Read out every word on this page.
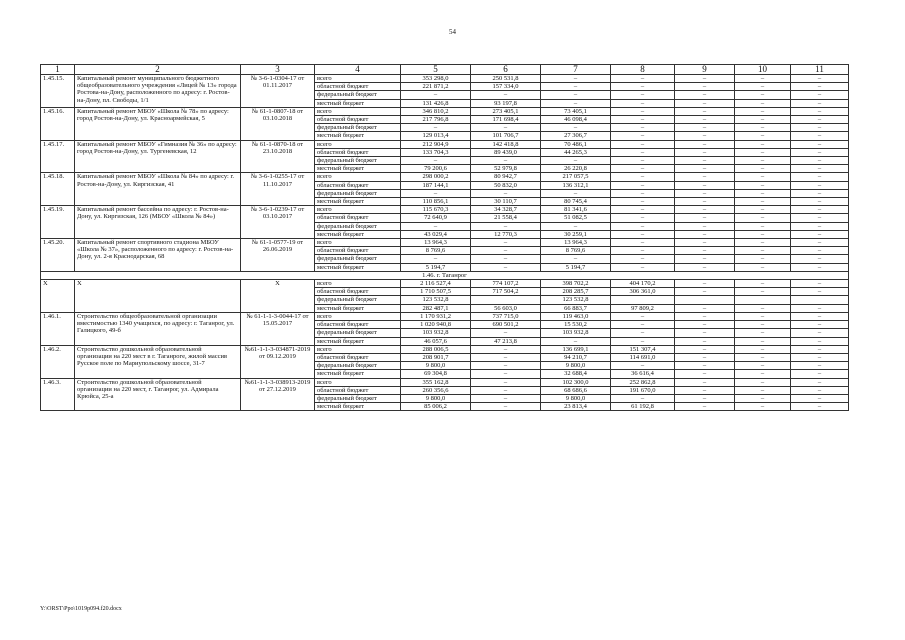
54
1	2	3	4	5	6	7	8	9	10	11
1.45.15.	Капитальный ремонт муниципального бюджетного общеобразовательного учреждения «Лицей № 13» города Ростова-на-Дону, расположенного по адресу: г. Ростов-на-Дону, пл. Свободы, 1/1	№ 3-6-1-0304-17 от 01.11.2017	всего	353 298,0	250 531,8	–	–	–	–	–
			областной бюджет	221 871,2	157 334,0	–	–	–	–	–
			федеральный бюджет	–	–	–	–	–	–	–
			местный бюджет	131 426,8	93 197,8	–	–	–	–	–
1.45.16.	Капитальный ремонт МБОУ «Школа № 78» по адресу: город Ростов-на-Дону, ул. Красноармейская, 5	№ 61-1-0807-18 от 03.10.2018	всего	346 810,2	273 405,1	73 405,1	–	–	–	–
			областной бюджет	217 796,8	171 698,4	46 098,4	–	–	–	–
			федеральный бюджет	–	–	–	–	–	–	–
			местный бюджет	129 013,4	101 706,7	27 306,7	–	–	–	–
1.45.17.	Капитальный ремонт МБОУ «Гимназия № 36» по адресу: город Ростов-на-Дону, ул. Тургеневская, 12	№ 61-1-0870-18 от 23.10.2018	всего	212 904,9	142 418,8	70 486,1	–	–	–	–
			областной бюджет	133 704,3	89 439,0	44 265,3	–	–	–	–
			федеральный бюджет	–	–	–	–	–	–	–
			местный бюджет	79 200,6	52 979,8	26 220,8	–	–	–	–
1.45.18.	Капитальный ремонт МБОУ «Школа № 84» по адресу: г. Ростов-на-Дону, ул. Киргизская, 41	№ 3-6-1-0255-17 от 11.10.2017	всего	298 000,2	80 942,7	217 057,5	–	–	–	–
			областной бюджет	187 144,1	50 832,0	136 312,1	–	–	–	–
			федеральный бюджет	–	–	–	–	–	–	–
			местный бюджет	110 856,1	30 110,7	80 745,4	–	–	–	–
1.45.19.	Капитальный ремонт бассейна по адресу: г. Ростов-на-Дону, ул. Киргизская, 126 (МБОУ «Школа № 84»)	№ 3-6-1-0239-17 от 03.10.2017	всего	115 670,3	34 328,7	81 341,6	–	–	–	–
			областной бюджет	72 640,9	21 558,4	51 082,5	–	–	–	–
			федеральный бюджет	–	–	–	–	–	–	–
			местный бюджет	43 029,4	12 770,3	30 259,1	–	–	–	–
1.45.20.	Капитальный ремонт спортивного стадиона МБОУ «Школа № 37», расположенного по адресу: г. Ростов-на-Дону, ул. 2-я Краснодарская, 68	№ 61-1-0577-19 от 26.06.2019	всего	13 964,3	–	13 964,3	–	–	–	–
			областной бюджет	8 769,6	–	8 769,6	–	–	–	–
			федеральный бюджет	–	–	–	–	–	–	–
			местный бюджет	5 194,7	–	5 194,7	–	–	–	–
1.46. г. Таганрог										
Х	Х	Х	всего	2 116 527,4	774 107,2	398 702,2	404 170,2	–	–	–
			областной бюджет	1 710 507,5	717 504,2	208 285,7	306 361,0	–	–	–
			федеральный бюджет	123 532,8		123 532,8				
			местный бюджет	282 487,1	56 603,0	66 883,7	97 809,2	–	–	–
1.46.1.	Строительство общеобразовательной организации вместимостью 1340 учащихся, по адресу: г. Таганрог, ул. Галицкого, 49-б	№ 61-1-1-3-0044-17 от 15.05.2017	всего	1 170 931,2	737 715,0	119 463,0	–	–	–	–
			областной бюджет	1 020 940,8	690 501,2	15 530,2	–	–	–	–
			федеральный бюджет	103 932,8	–	103 932,8	–	–	–	–
			местный бюджет	46 057,6	47 213,8	–	–	–	–	–
1.46.2.	Строительство дошкольной образовательной организации на 220 мест в г. Таганроге, жилой массив Русское поле по Мариупольскому шоссе, 31-7	№61-1-1-3-034871-2019 от 09.12.2019	всего	288 006,5	–	136 699,1	151 307,4	–	–	–
			областной бюджет	208 901,7	–	94 210,7	114 691,0	–	–	–
			федеральный бюджет	9 800,0	–	9 800,0	–	–	–	–
			местный бюджет	69 304,8	–	32 688,4	36 616,4	–	–	–
1.46.3.	Строительство дошкольной образовательной организации на 220 мест, г. Таганрог, ул. Адмирала Крюйса, 25-а	№61-1-1-3-038913-2019 от 27.12.2019	всего	355 162,8	–	102 300,0	252 862,8	–	–	–
			областной бюджет	260 356,6	–	68 686,6	191 670,0	–	–	–
			федеральный бюджет	9 800,0	–	9 800,0	–	–	–	–
			местный бюджет	85 006,2	–	23 813,4	61 192,8	–	–	–
Y:\ORST\Ppo\1019p094.f20.docx
